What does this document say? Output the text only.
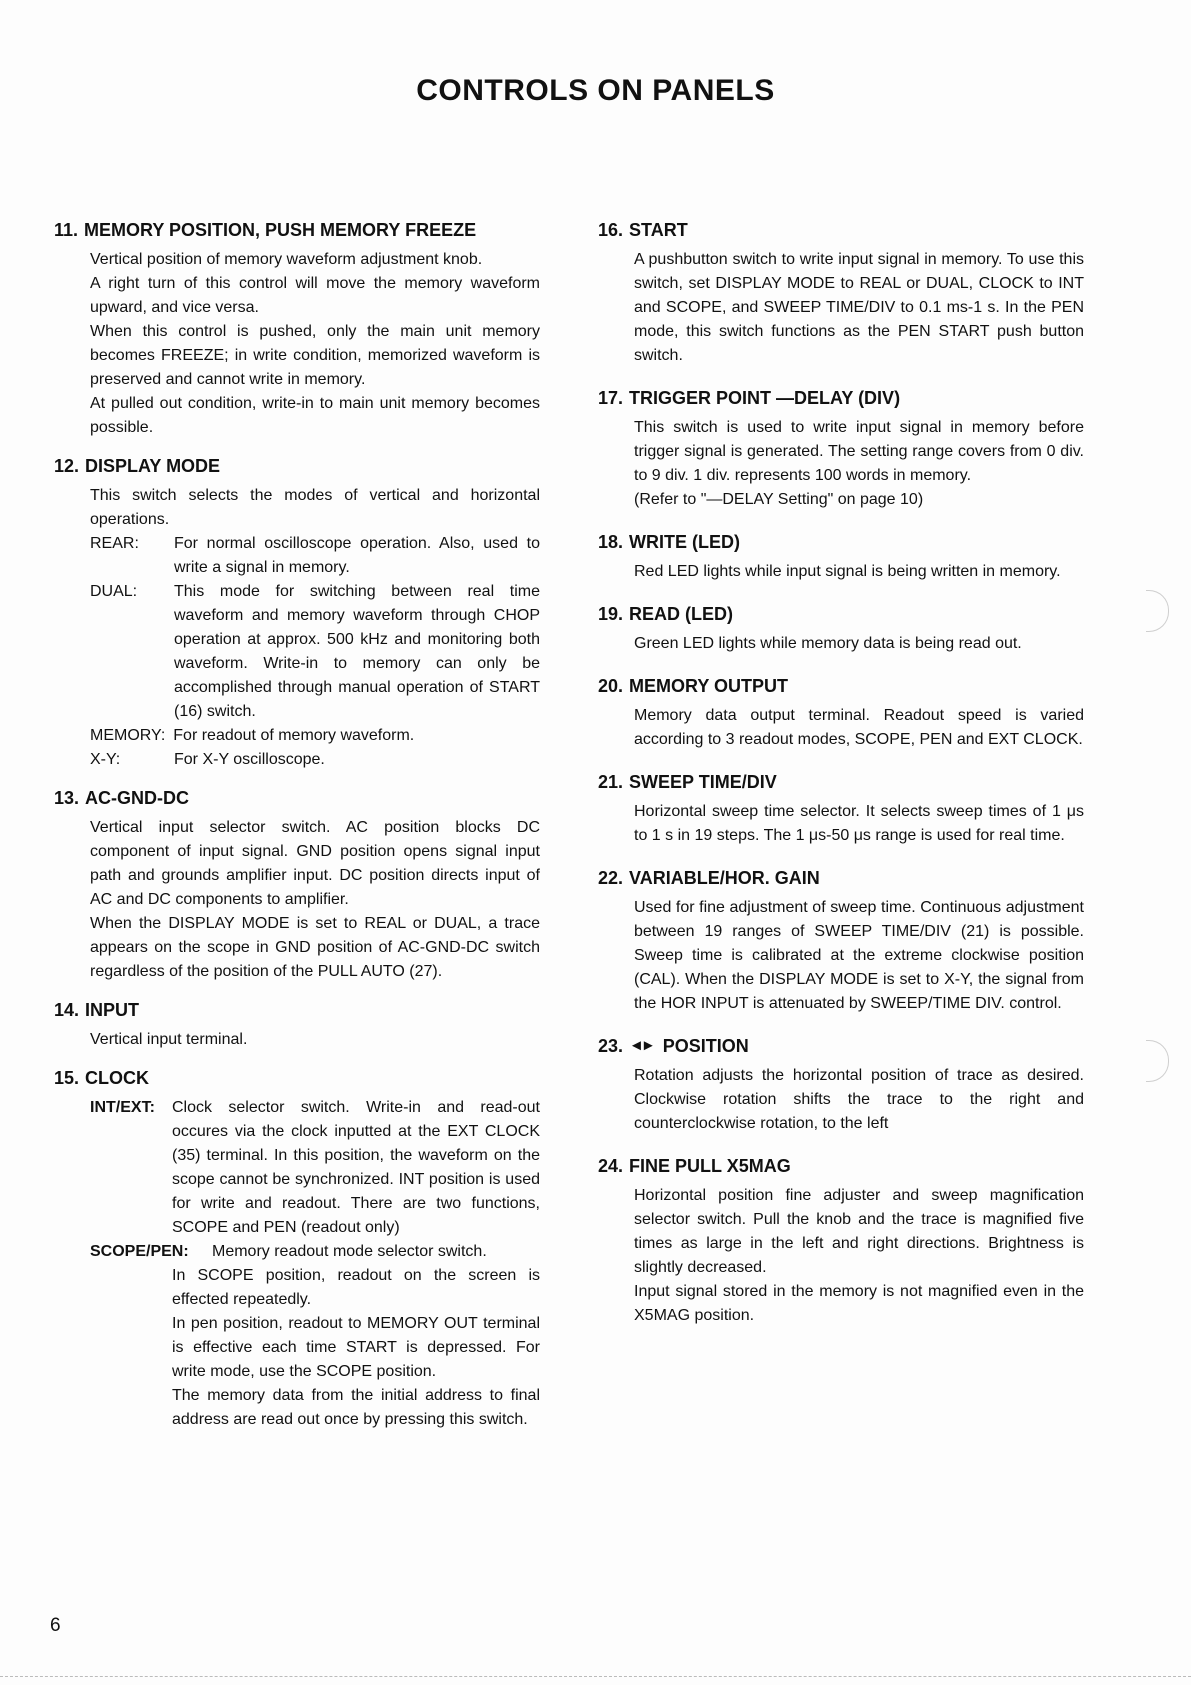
CONTROLS ON PANELS
11. MEMORY POSITION, PUSH MEMORY FREEZE

Vertical position of memory waveform adjustment knob.

A right turn of this control will move the memory waveform upward, and vice versa.

When this control is pushed, only the main unit memory becomes FREEZE; in write condition, memorized waveform is preserved and cannot write in memory.

At pulled out condition, write-in to main unit memory becomes possible.

12. DISPLAY MODE

This switch selects the modes of vertical and horizontal operations.

REAR:	For normal oscilloscope operation. Also, used to write a signal in memory.
DUAL:	This mode for switching between real time waveform and memory waveform through CHOP operation at approx. 500 kHz and monitoring both waveform. Write-in to memory can only be accomplished through manual operation of START (16) switch.
MEMORY: For readout of memory waveform.
X-Y:	For X-Y oscilloscope.
13. AC-GND-DC

Vertical input selector switch. AC position blocks DC component of input signal. GND position opens signal input path and grounds amplifier input. DC position directs input of AC and DC components to amplifier.

When the DISPLAY MODE is set to REAL or DUAL, a trace appears on the scope in GND position of AC-GND-DC switch regardless of the position of the PULL AUTO (27).

14. INPUT

Vertical input terminal.

15. CLOCK
INT/EXT:	Clock selector switch. Write-in and read-out occures via the clock inputted at the EXT CLOCK (35) terminal. In this position, the waveform on the scope cannot be synchronized. INT position is used for write and readout. There are two functions, SCOPE and PEN (readout only)
SCOPE/PEN:	Memory readout mode selector switch.

In SCOPE position, readout on the screen is effected repeatedly.

In pen position, readout to MEMORY OUT terminal is effective each time START is depressed. For write mode, use the SCOPE position.

The memory data from the initial address to final address are read out once by pressing this switch.

16. START

A pushbutton switch to write input signal in memory. To use this switch, set DISPLAY MODE to REAL or DUAL, CLOCK to INT and SCOPE, and SWEEP TIME/DIV to 0.1 ms-1 s. In the PEN mode, this switch functions as the PEN START push button switch.

17. TRIGGER POINT —DELAY (DIV)

This switch is used to write input signal in memory before trigger signal is generated. The setting range covers from 0 div. to 9 div. 1 div. represents 100 words in memory.

(Refer to "—DELAY Setting" on page 10)

18. WRITE (LED)

Red LED lights while input signal is being written in memory.

19. READ (LED)

Green LED lights while memory data is being read out.

20. MEMORY OUTPUT

Memory data output terminal. Readout speed is varied according to 3 readout modes, SCOPE, PEN and EXT CLOCK.

21. SWEEP TIME/DIV

Horizontal sweep time selector. It selects sweep times of 1 μs to 1 s in 19 steps. The 1 μs-50 μs range is used for real time.

22. VARIABLE/HOR. GAIN

Used for fine adjustment of sweep time. Continuous adjustment between 19 ranges of SWEEP TIME/DIV (21) is possible. Sweep time is calibrated at the extreme clockwise position (CAL). When the DISPLAY MODE is set to X-Y, the signal from the HOR INPUT is attenuated by SWEEP/TIME DIV. control.

23. ◄► POSITION

Rotation adjusts the horizontal position of trace as desired. Clockwise rotation shifts the trace to the right and counterclockwise rotation, to the left

24. FINE PULL X5MAG

Horizontal position fine adjuster and sweep magnification selector switch. Pull the knob and the trace is magnified five times as large in the left and right directions. Brightness is slightly decreased.

Input signal stored in the memory is not magnified even in the X5MAG position.

6
